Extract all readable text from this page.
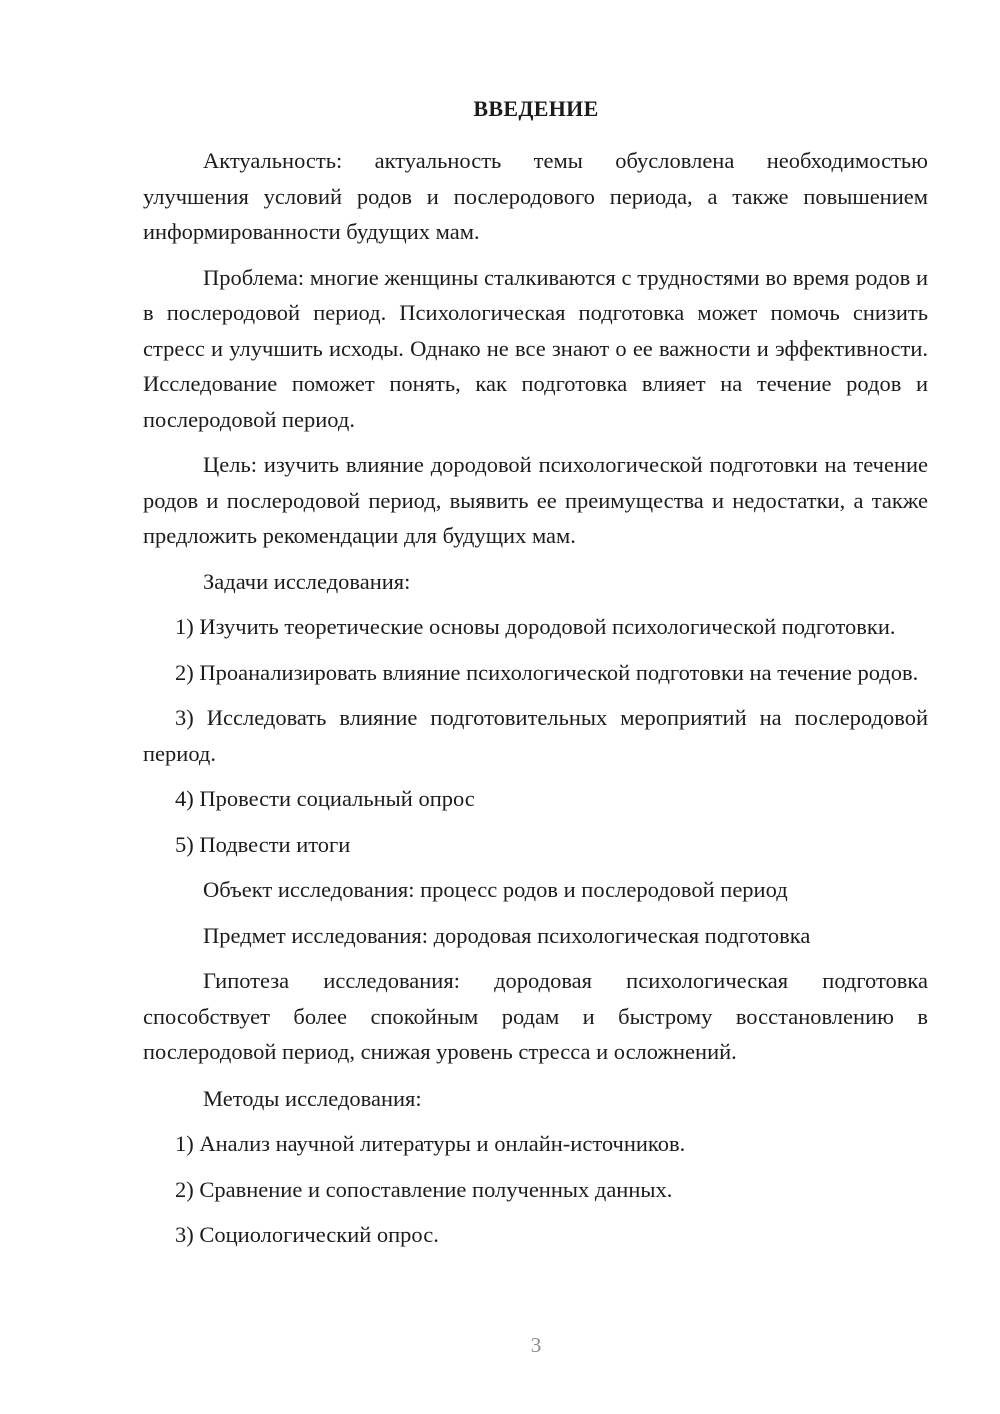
ВВЕДЕНИЕ

Актуальность: актуальность темы обусловлена необходимостью улучшения условий родов и послеродового периода, а также повышением информированности будущих мам.

Проблема: многие женщины сталкиваются с трудностями во время родов и в послеродовой период. Психологическая подготовка может помочь снизить стресс и улучшить исходы. Однако не все знают о ее важности и эффективности. Исследование поможет понять, как подготовка влияет на течение родов и послеродовой период.

Цель: изучить влияние дородовой психологической подготовки на течение родов и послеродовой период, выявить ее преимущества и недостатки, а также предложить рекомендации для будущих мам.

Задачи исследования:

1) Изучить теоретические основы дородовой психологической подготовки.

2) Проанализировать влияние психологической подготовки на течение родов.

3) Исследовать влияние подготовительных мероприятий на послеродовой период.

4) Провести социальный опрос

5) Подвести итоги

Объект исследования: процесс родов и послеродовой период

Предмет исследования: дородовая психологическая подготовка

Гипотеза исследования: дородовая психологическая подготовка способствует более спокойным родам и быстрому восстановлению в послеродовой период, снижая уровень стресса и осложнений.

Методы исследования:

1) Анализ научной литературы и онлайн-источников.

2) Сравнение и сопоставление полученных данных.

3) Социологический опрос.

3
